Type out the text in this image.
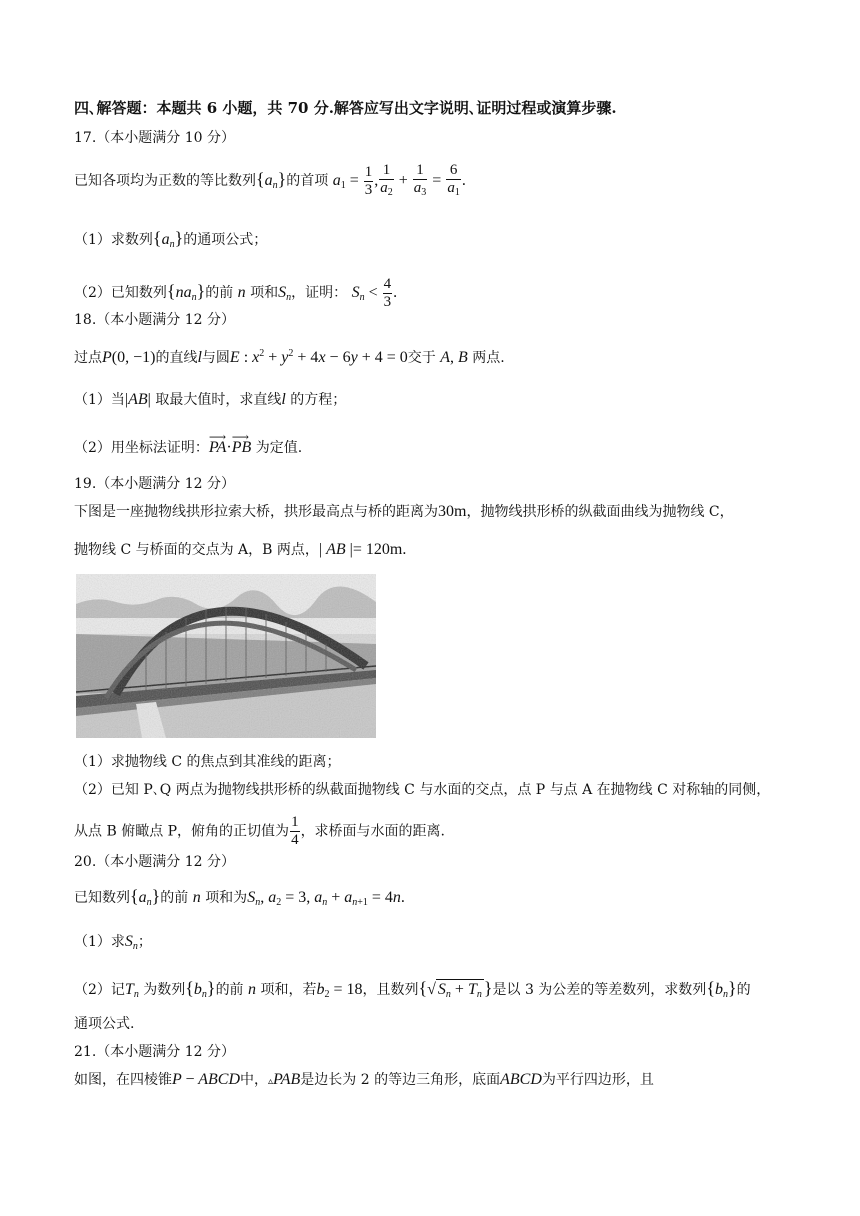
四､解答题：本题共 6 小题，共 70 分.解答应写出文字说明､证明过程或演算步骤.
17.（本小题满分 10 分）
已知各项均为正数的等比数列$\{a_n\}$的首项 $a_1 = \frac{1}{3}$ , $\frac{1}{a_2} + \frac{1}{a_3} = \frac{6}{a_1}$ .
（1）求数列$\{a_n\}$的通项公式；
（2）已知数列$\{na_n\}$的前 n 项和$S_n$，证明： $S_n < \frac{4}{3}$ .
18.（本小题满分 12 分）
过点P(0, −1)的直线l与圆E : $x^2 + y^2 + 4x - 6y + 4 = 0$交于 A, B 两点.
（1）当|AB| 取最大值时，求直线l 的方程；
（2）用坐标法证明：⟶ PA·⟶ PB 为定值.
19.（本小题满分 12 分）
下图是一座抛物线拱形拉索大桥，拱形最高点与桥的距离为30m，抛物线拱形桥的纵截面曲线为抛物线 C，
抛物线 C 与桥面的交点为 A，B 两点，| AB |= 120m.
（1）求抛物线 C 的焦点到其准线的距离；
（2）已知 P､Q 两点为抛物线拱形桥的纵截面抛物线 C 与水面的交点，点 P 与点 A 在抛物线 C 对称轴的同侧，
从点 B 俯瞰点 P，俯角的正切值为 $\frac{1}{4}$ ，求桥面与水面的距离.
20.（本小题满分 12 分）
已知数列$\{a_n\}$的前 n 项和为$S_n$, $a_2 = 3$, $a_n + a_{n+1} = 4n$.
（1）求$S_n$；
（2）记$T_n$ 为数列$\{b_n\}$的前 n 项和，若$b_2 = 18$，且数列{√ $S_n + T_n$ }是以 3 为公差的等差数列，求数列$\{b_n\}$的
通项公式.
21.（本小题满分 12 分）
如图，在四棱锥P − ABCD中，▵PAB是边长为 2 的等边三角形，底面ABCD为平行四边形，且
